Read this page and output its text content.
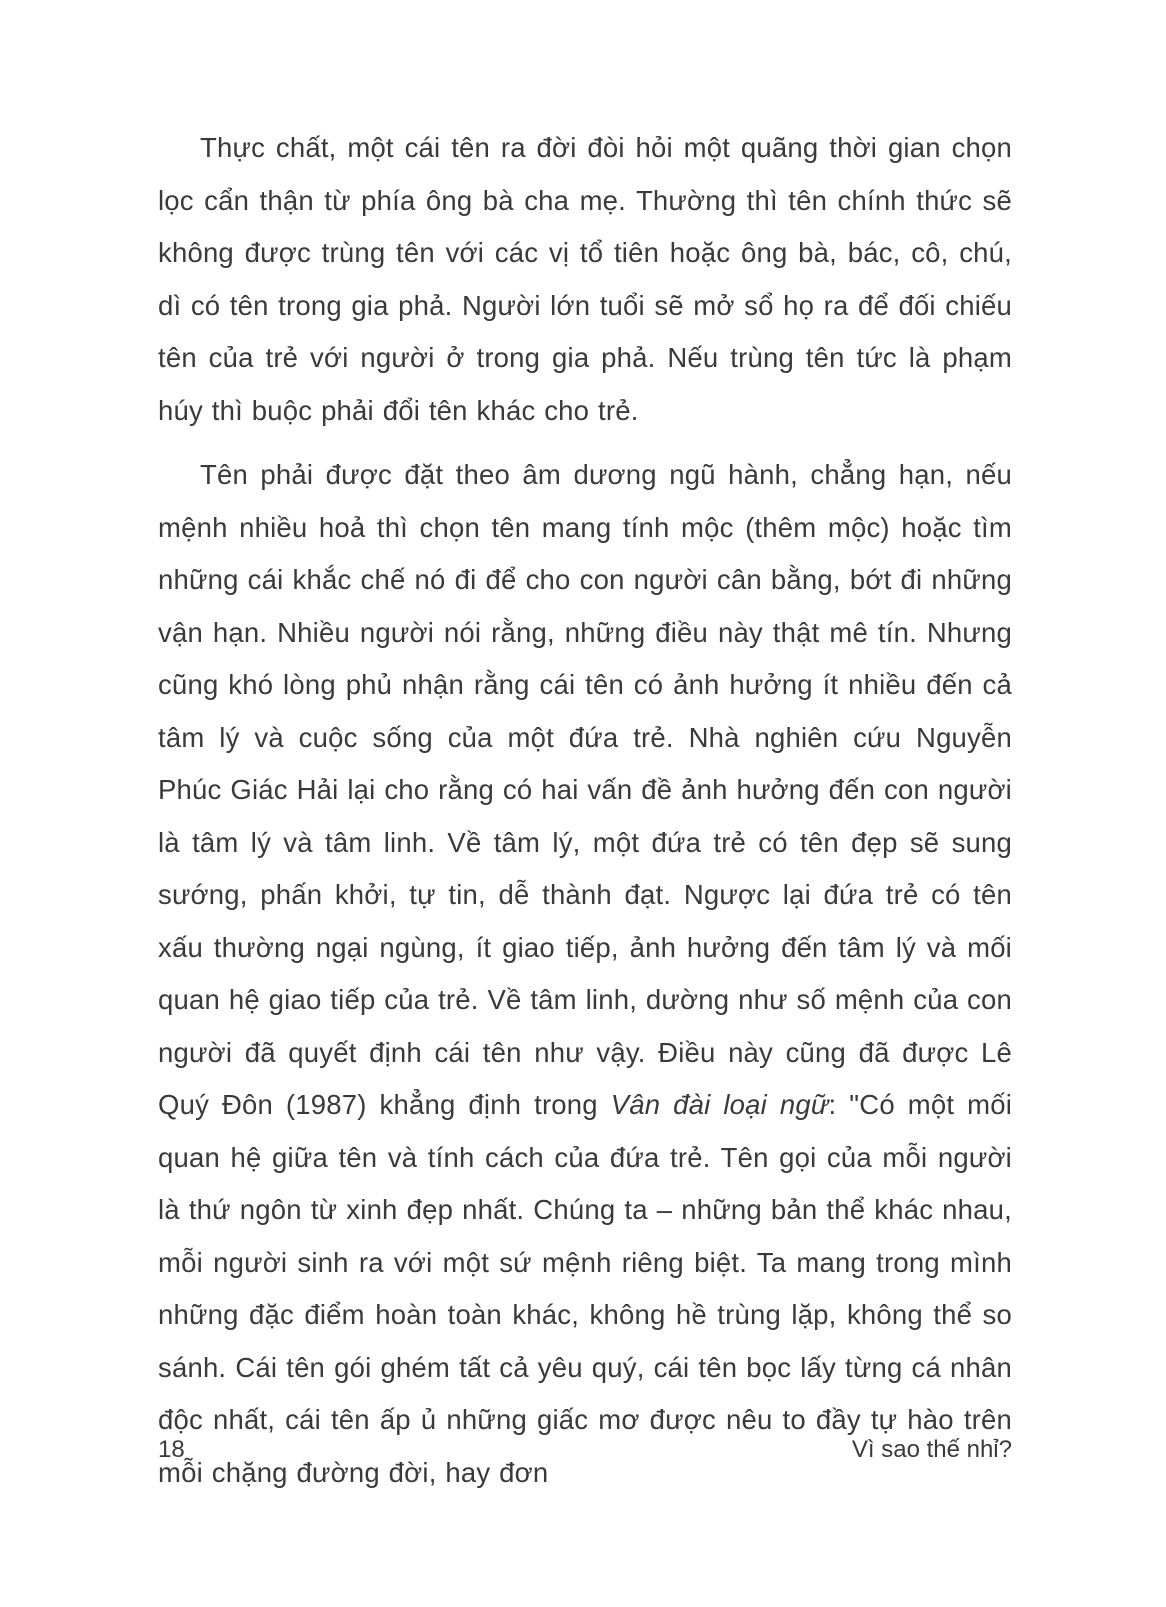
Thực chất, một cái tên ra đời đòi hỏi một quãng thời gian chọn lọc cẩn thận từ phía ông bà cha mẹ. Thường thì tên chính thức sẽ không được trùng tên với các vị tổ tiên hoặc ông bà, bác, cô, chú, dì có tên trong gia phả. Người lớn tuổi sẽ mở sổ họ ra để đối chiếu tên của trẻ với người ở trong gia phả. Nếu trùng tên tức là phạm húy thì buộc phải đổi tên khác cho trẻ.

Tên phải được đặt theo âm dương ngũ hành, chẳng hạn, nếu mệnh nhiều hoả thì chọn tên mang tính mộc (thêm mộc) hoặc tìm những cái khắc chế nó đi để cho con người cân bằng, bớt đi những vận hạn. Nhiều người nói rằng, những điều này thật mê tín. Nhưng cũng khó lòng phủ nhận rằng cái tên có ảnh hưởng ít nhiều đến cả tâm lý và cuộc sống của một đứa trẻ. Nhà nghiên cứu Nguyễn Phúc Giác Hải lại cho rằng có hai vấn đề ảnh hưởng đến con người là tâm lý và tâm linh. Về tâm lý, một đứa trẻ có tên đẹp sẽ sung sướng, phấn khởi, tự tin, dễ thành đạt. Ngược lại đứa trẻ có tên xấu thường ngại ngùng, ít giao tiếp, ảnh hưởng đến tâm lý và mối quan hệ giao tiếp của trẻ. Về tâm linh, dường như số mệnh của con người đã quyết định cái tên như vậy. Điều này cũng đã được Lê Quý Đôn (1987) khẳng định trong Vân đài loại ngữ: "Có một mối quan hệ giữa tên và tính cách của đứa trẻ. Tên gọi của mỗi người là thứ ngôn từ xinh đẹp nhất. Chúng ta – những bản thể khác nhau, mỗi người sinh ra với một sứ mệnh riêng biệt. Ta mang trong mình những đặc điểm hoàn toàn khác, không hề trùng lặp, không thể so sánh. Cái tên gói ghém tất cả yêu quý, cái tên bọc lấy từng cá nhân độc nhất, cái tên ấp ủ những giấc mơ được nêu to đầy tự hào trên mỗi chặng đường đời, hay đơn

18	Vì sao thế nhỉ?
